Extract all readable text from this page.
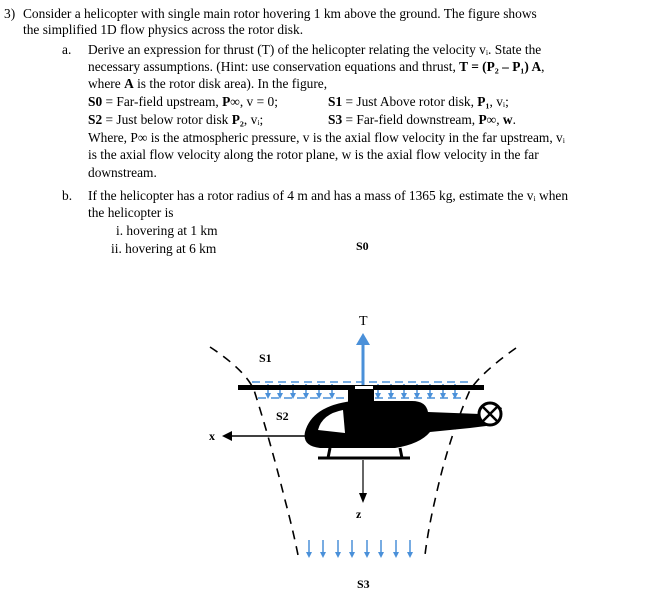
3) Consider a helicopter with single main rotor hovering 1 km above the ground. The figure shows
the simplified 1D flow physics across the rotor disk.
a. Derive an expression for thrust (T) of the helicopter relating the velocity vᵢ. State the
necessary assumptions. (Hint: use conservation equations and thrust, T = (P₂ – P₁) A,
where A is the rotor disk area). In the figure,
S0 = Far-field upstream, P∞, v = 0;	S1 = Just Above rotor disk, P₁, vᵢ;
S2 = Just below rotor disk P₂, vᵢ;	S3 = Far-field downstream, P∞, w.
Where, P∞ is the atmospheric pressure, v is the axial flow velocity in the far upstream, vᵢ
is the axial flow velocity along the rotor plane, w is the axial flow velocity in the far
downstream.
b. If the helicopter has a rotor radius of 4 m and has a mass of 1365 kg, estimate the vᵢ when
the helicopter is
i. hovering at 1 km
ii. hovering at 6 km	S0
T
S1
S2
x
z
S3
